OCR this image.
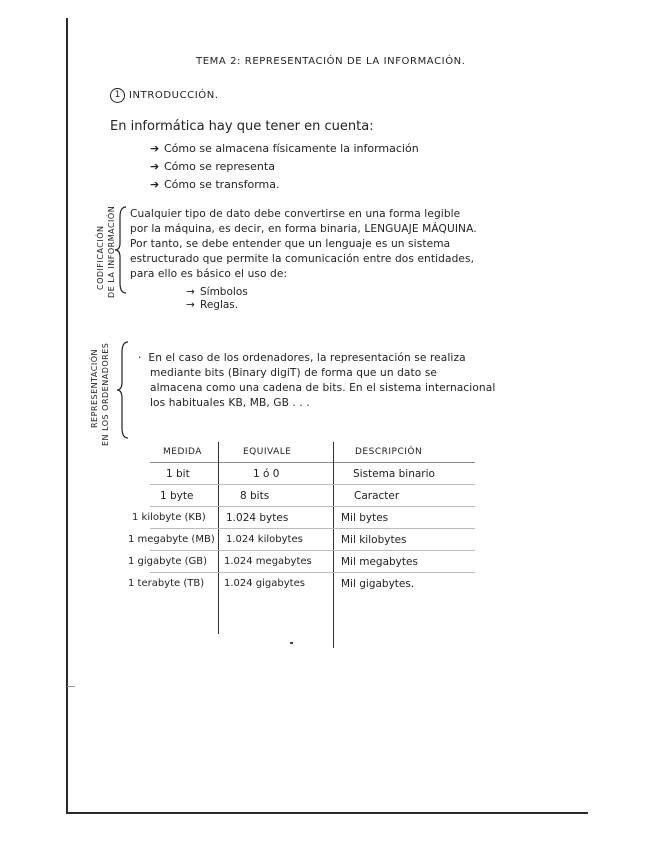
TEMA 2: REPRESENTACIÓN DE LA INFORMACIÓN.
1 INTRODUCCIÓN.
En informática hay que tener en cuenta:
➔ Cómo se almacena físicamente la información
➔ Cómo se representa
➔ Cómo se transforma.
CODIFICACIÓN DE LA INFORMACIÓN Cualquier tipo de dato debe convertirse en una forma legible
por la máquina, es decir, en forma binaria, LENGUAJE MÁQUINA.
Por tanto, se debe entender que un lenguaje es un sistema
estructurado que permite la comunicación entre dos entidades,
para ello es básico el uso de:
→ Símbolos
→ Reglas.
REPRESENTACIÓN EN LOS ORDENADORES	·  En el caso de los ordenadores, la representación se realiza
mediante bits (Binary digiT) de forma que un dato se
almacena como una cadena de bits. En el sistema internacional
los habituales KB, MB, GB . . .
MEDIDA	EQUIVALE	DESCRIPCIÓN
1 bit	1 ó 0	Sistema binario
1 byte	8 bits	Caracter
1 kilobyte (KB) 1.024 bytes	Mil bytes
1 megabyte (MB) 1.024 kilobytes	Mil kilobytes
1 gigabyte (GB) 1.024 megabytes	Mil megabytes
1 terabyte (TB) 1.024 gigabytes	Mil gigabytes.
